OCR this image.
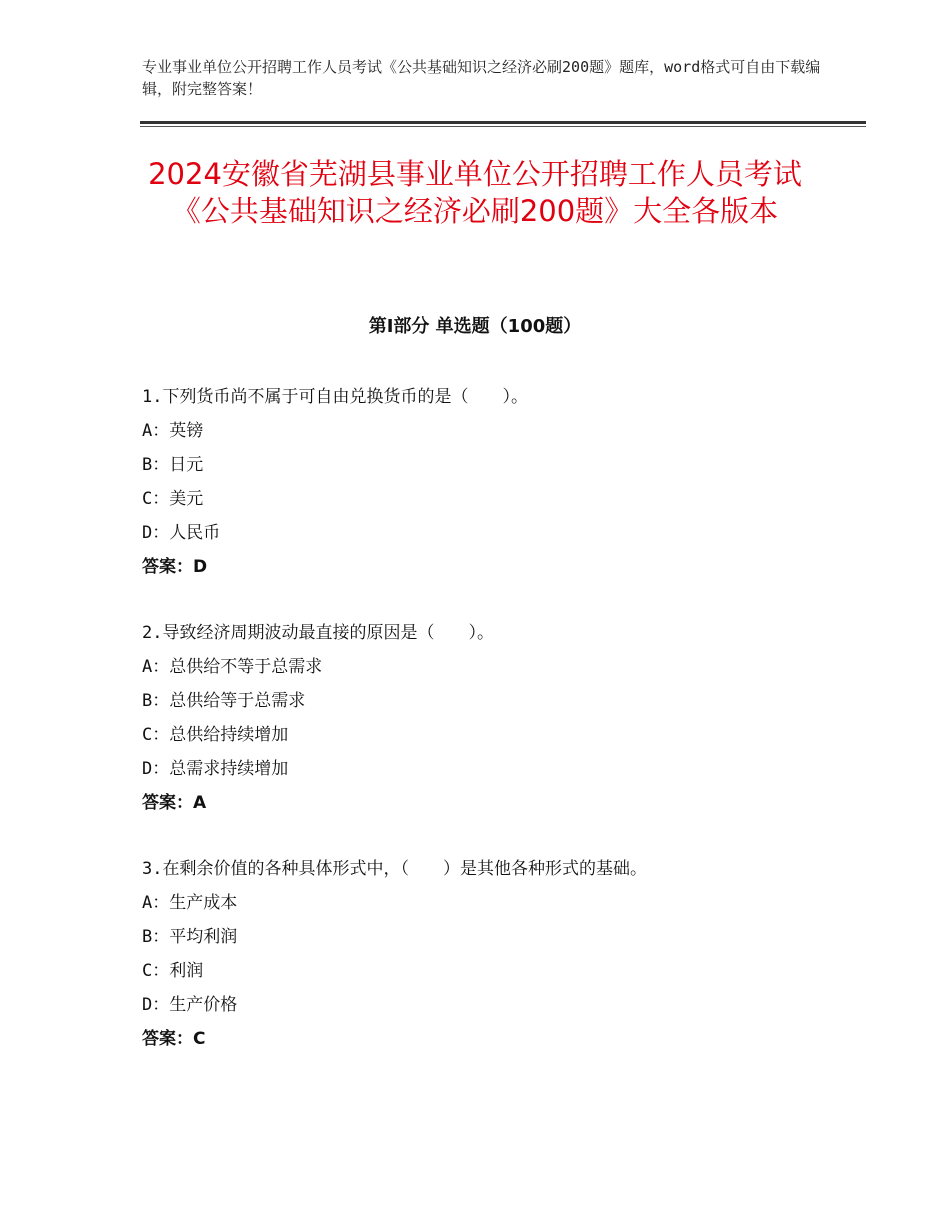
专业事业单位公开招聘工作人员考试《公共基础知识之经济必刷200题》题库，word格式可自由下载编辑，附完整答案！
2024安徽省芜湖县事业单位公开招聘工作人员考试《公共基础知识之经济必刷200题》大全各版本
第Ⅰ部分 单选题（100题）
1.下列货币尚不属于可自由兑换货币的是（　　）。
A：英镑
B：日元
C：美元
D：人民币
答案：D
2.导致经济周期波动最直接的原因是（　　）。
A：总供给不等于总需求
B：总供给等于总需求
C：总供给持续增加
D：总需求持续增加
答案：A
3.在剩余价值的各种具体形式中，（　　）是其他各种形式的基础。
A：生产成本
B：平均利润
C：利润
D：生产价格
答案：C
